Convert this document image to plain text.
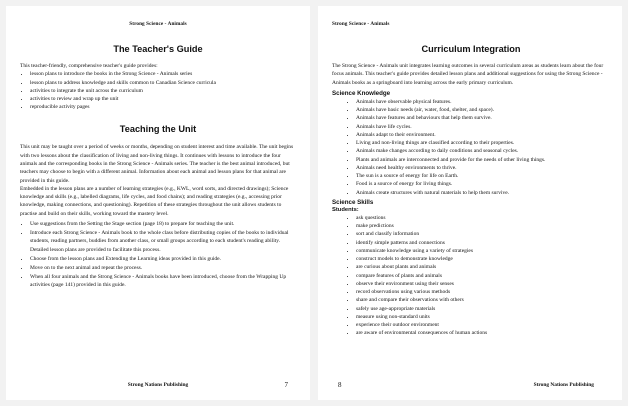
Strong Science - Animals

The Teacher's Guide

This teacher-friendly, comprehensive teacher's guide provides:

• lesson plans to introduce the books in the Strong Science - Animals series
• lesson plans to address knowledge and skills common to Canadian Science curricula
• activities to integrate the unit across the curriculum
• activities to review and wrap up the unit
• reproducible activity pages

Teaching the Unit

This unit may be taught over a period of weeks or months, depending on student interest and time available. The unit begins with two lessons about the classification of living and non-living things. It continues with lessons to introduce the four animals and the corresponding books in the Strong Science - Animals series. The teacher is the best animal introduced, but teachers may choose to begin with a different animal. Information about each animal and lesson plans for that animal are provided in this guide.

Embedded in the lesson plans are a number of learning strategies (e.g., KWL, word sorts, and directed drawings); Science knowledge and skills (e.g., labelled diagrams, life cycles, and food chains); and reading strategies (e.g., accessing prior knowledge, making connections, and questioning). Repetition of these strategies throughout the unit allows students to practise and build on their skills, working toward the mastery level.

• Use suggestions from the Setting the Stage section (page 18) to prepare for teaching the unit.
• Introduce each Strong Science - Animals book to the whole class before distributing copies of the books to individual students, reading partners, buddies from another class, or small groups according to each student's reading ability. Detailed lesson plans are provided to facilitate this process.
• Choose from the lesson plans and Extending the Learning ideas provided in this guide.
• Move on to the next animal and repeat the process.
• When all four animals and the Strong Science - Animals books have been introduced, choose from the Wrapping Up activities (page 141) provided in this guide.
Strong Nations Publishing	7
Strong Science - Animals

Curriculum Integration

The Strong Science - Animals unit integrates learning outcomes in several curriculum areas as students learn about the four focus animals. This teacher's guide provides detailed lesson plans and additional suggestions for using the Strong Science - Animals books as a springboard into learning across the early primary curriculum.

Science Knowledge

• Animals have observable physical features.
• Animals have basic needs (air, water, food, shelter, and space).
• Animals have features and behaviours that help them survive.
• Animals have life cycles.
• Animals adapt to their environment.
• Living and non-living things are classified according to their properties.
• Animals make changes according to daily conditions and seasonal cycles.
• Plants and animals are interconnected and provide for the needs of other living things.
• Animals need healthy environments to thrive.
• The sun is a source of energy for life on Earth.
• Food is a source of energy for living things.
• Animals create structures with natural materials to help them survive.

Science Skills

Students:

• ask questions
• make predictions
• sort and classify information
• identify simple patterns and connections
• communicate knowledge using a variety of strategies
• construct models to demonstrate knowledge
• are curious about plants and animals
• compare features of plants and animals
• observe their environment using their senses
• record observations using various methods
• share and compare their observations with others
• safely use age-appropriate materials
• measure using non-standard units
• experience their outdoor environment
• are aware of environmental consequences of human actions
8	Strong Nations Publishing
